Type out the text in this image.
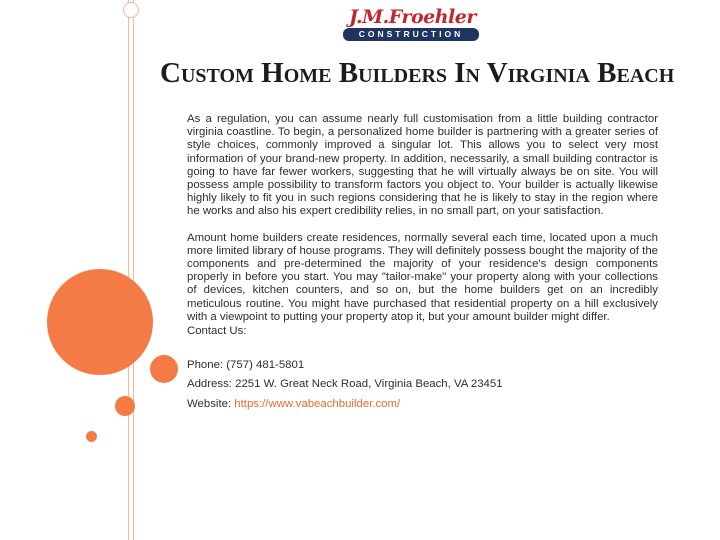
J.M.Froehler
CONSTRUCTION
Custom Home Builders In Virginia Beach

As a regulation, you can assume nearly full customisation from a little building contractor virginia coastline. To begin, a personalized home builder is partnering with a greater series of style choices, commonly improved a singular lot. This allows you to select very most information of your brand-new property. In addition, necessarily, a small building contractor is going to have far fewer workers, suggesting that he will virtually always be on site. You will possess ample possibility to transform factors you object to. Your builder is actually likewise highly likely to fit you in such regions considering that he is likely to stay in the region where he works and also his expert credibility relies, in no small part, on your satisfaction.

Amount home builders create residences, normally several each time, located upon a much more limited library of house programs. They will definitely possess bought the majority of the components and pre-determined the majority of your residence's design components properly in before you start. You may "tailor-make" your property along with your collections of devices, kitchen counters, and so on, but the home builders get on an incredibly meticulous routine. You might have purchased that residential property on a hill exclusively with a viewpoint to putting your property atop it, but your amount builder might differ.

Contact Us:

Phone: (757) 481-5801

Address: 2251 W. Great Neck Road, Virginia Beach, VA 23451

Website: https://www.vabeachbuilder.com/
